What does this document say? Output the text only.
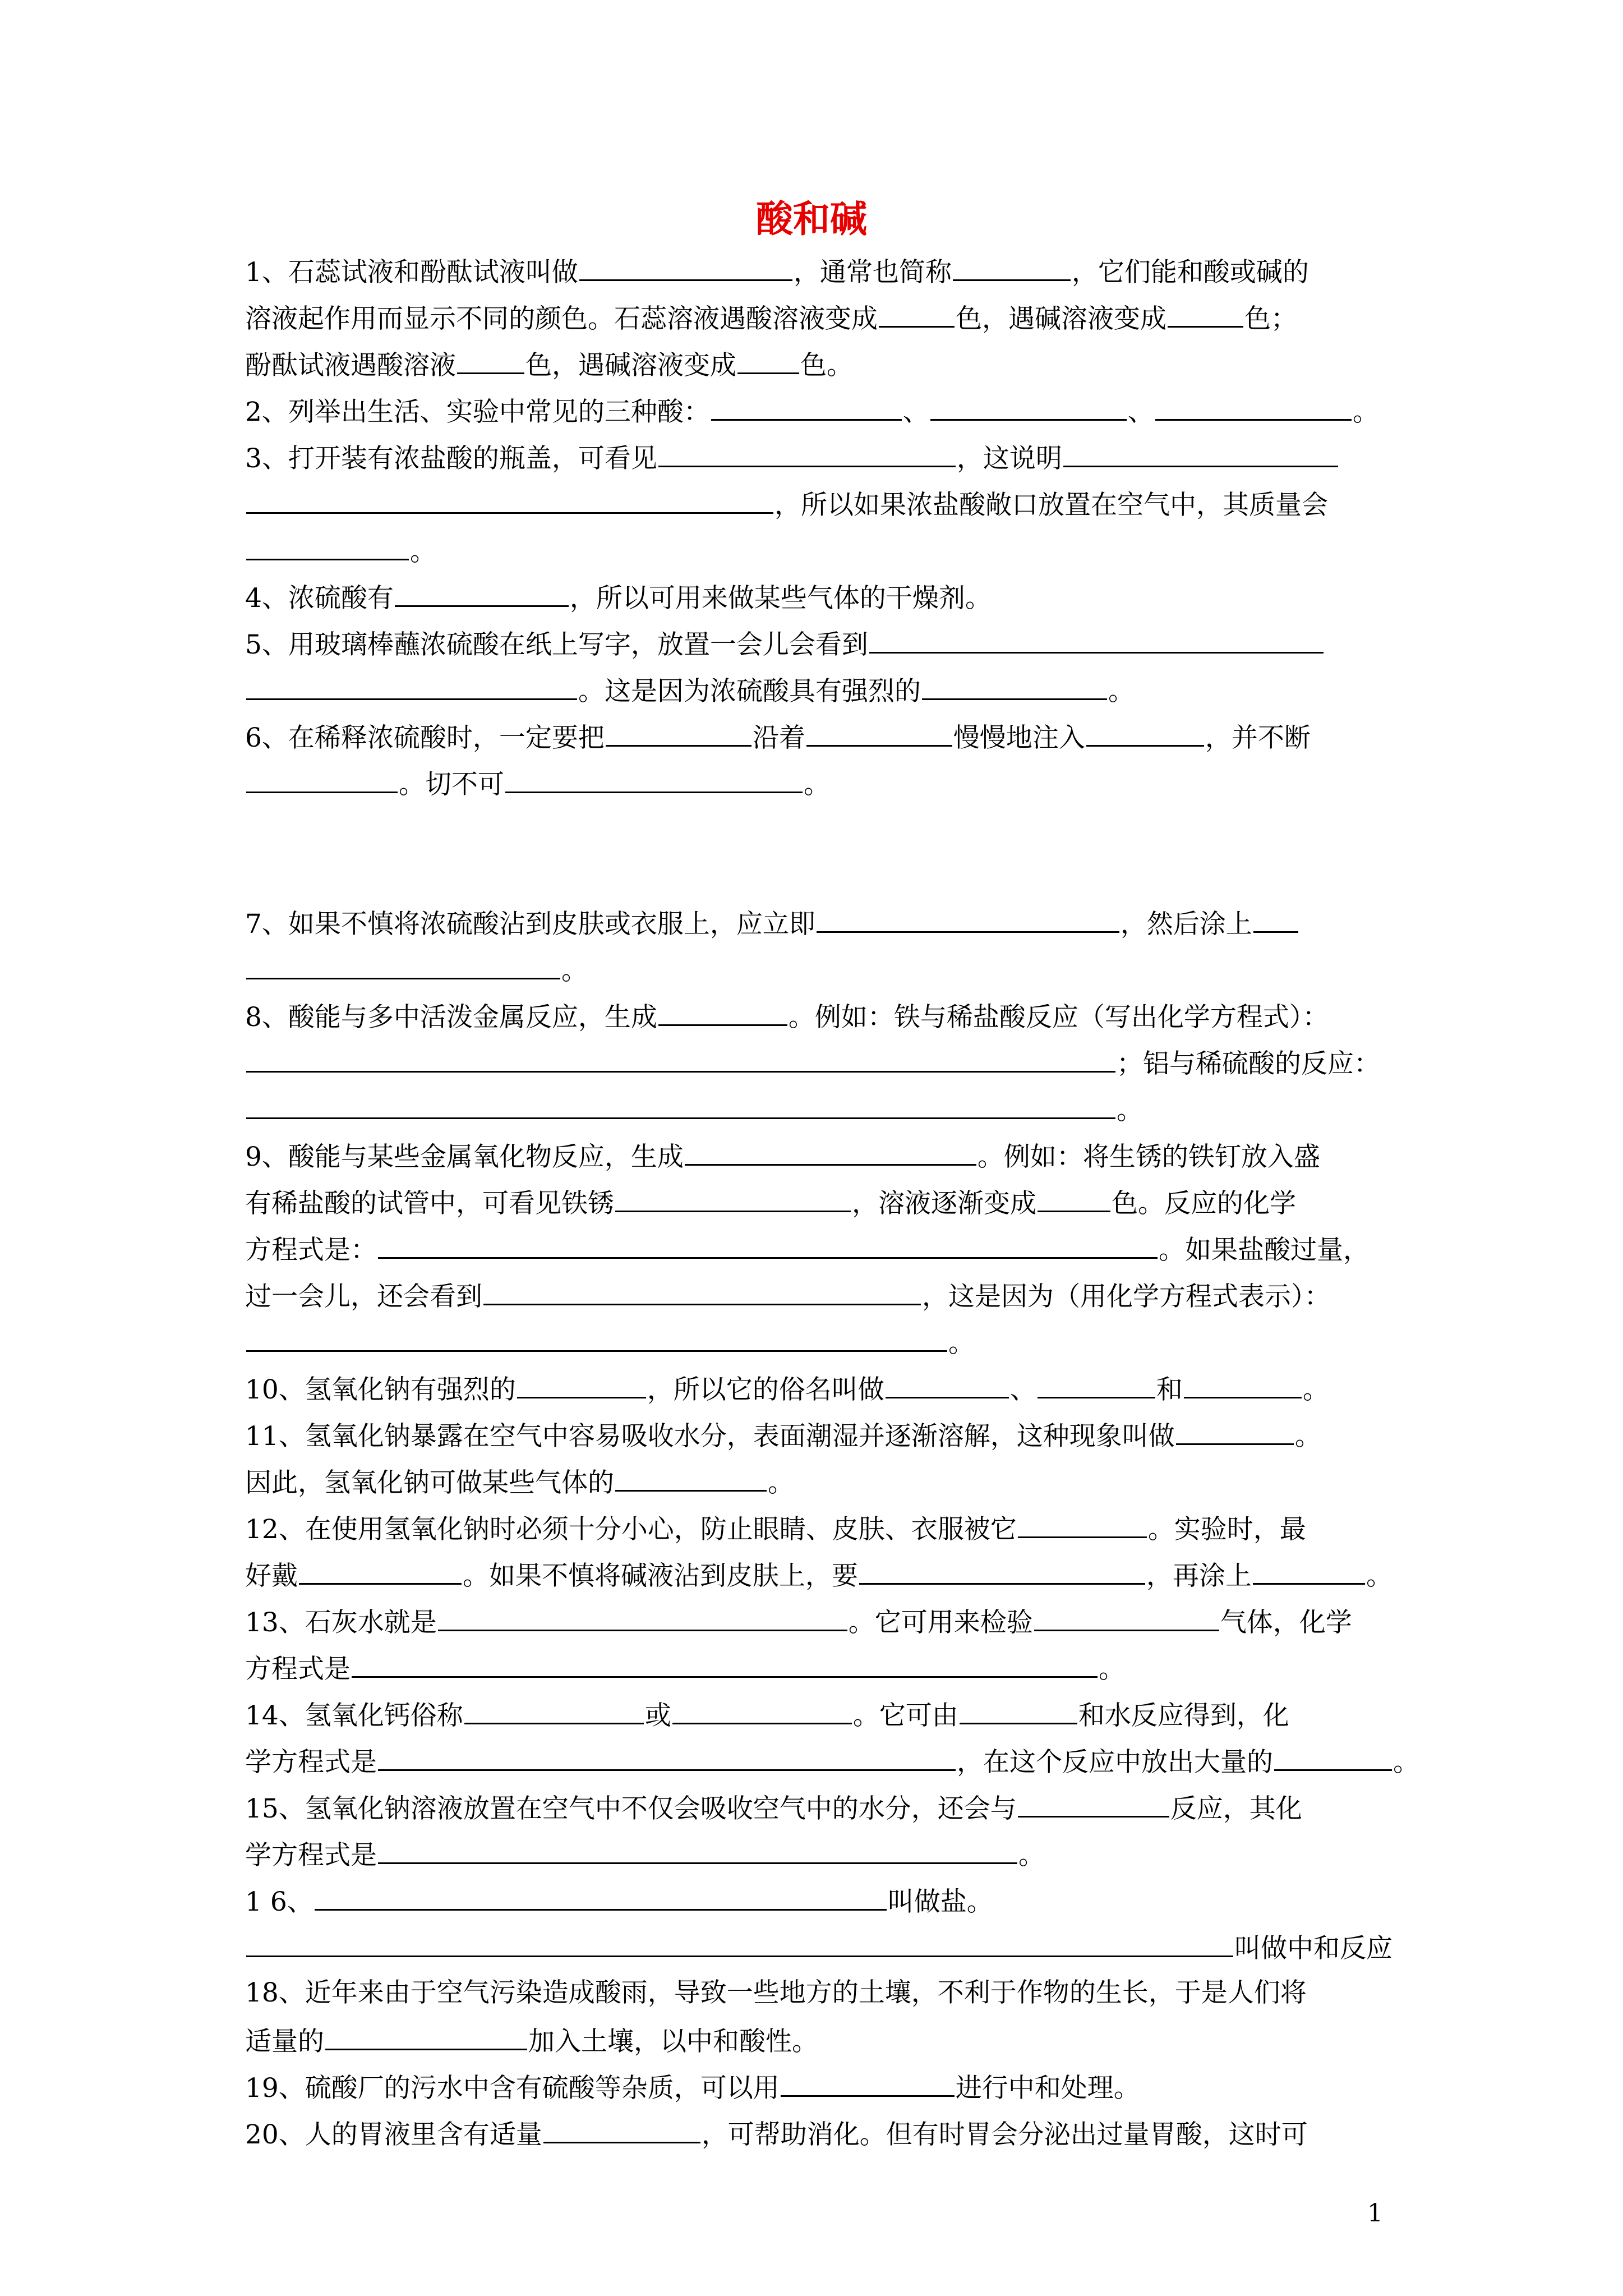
酸和碱
1、石蕊试液和酚酞试液叫做	，通常也简称	，它们能和酸或碱的
溶液起作用而显示不同的颜色。石蕊溶液遇酸溶液变成	色，遇碱溶液变成	色；
酚酞试液遇酸溶液	色，遇碱溶液变成 色。
2、列举出生活、实验中常见的三种酸：	、	、	。
3、打开装有浓盐酸的瓶盖，可看见	，这说明
，所以如果浓盐酸敞口放置在空气中，其质量会
。
4、浓硫酸有	，所以可用来做某些气体的干燥剂。
5、用玻璃棒蘸浓硫酸在纸上写字，放置一会儿会看到
。这是因为浓硫酸具有强烈的	。
6、在稀释浓硫酸时，一定要把	沿着	慢慢地注入	，并不断
。切不可	。
7、如果不慎将浓硫酸沾到皮肤或衣服上，应立即	，然后涂上
。
8、酸能与多中活泼金属反应，生成	。例如：铁与稀盐酸反应（写出化学方程式）：
；铝与稀硫酸的反应：
。
9、酸能与某些金属氧化物反应，生成	。例如：将生锈的铁钉放入盛
有稀盐酸的试管中，可看见铁锈	，溶液逐渐变成	色。反应的化学
方程式是：	。如果盐酸过量，
过一会儿，还会看到	，这是因为（用化学方程式表示）：
。
10、氢氧化钠有强烈的	，所以它的俗名叫做	、	和	。
11、氢氧化钠暴露在空气中容易吸收水分，表面潮湿并逐渐溶解，这种现象叫做	。
因此，氢氧化钠可做某些气体的	。
12、在使用氢氧化钠时必须十分小心，防止眼睛、皮肤、衣服被它	。实验时，最
好戴	。如果不慎将碱液沾到皮肤上，要	，再涂上	。
13、石灰水就是	。它可用来检验	气体，化学
方程式是	。
14、氢氧化钙俗称	或	。它可由	和水反应得到，化
学方程式是	，在这个反应中放出大量的	。
15、氢氧化钠溶液放置在空气中不仅会吸收空气中的水分，还会与	反应，其化
学方程式是	。
1 6、	叫做盐。
叫做中和反应
18、近年来由于空气污染造成酸雨，导致一些地方的土壤，不利于作物的生长，于是人们将
适量的	加入土壤，以中和酸性。
19、硫酸厂的污水中含有硫酸等杂质，可以用	进行中和处理。
20、人的胃液里含有适量	，可帮助消化。但有时胃会分泌出过量胃酸，这时可
1
